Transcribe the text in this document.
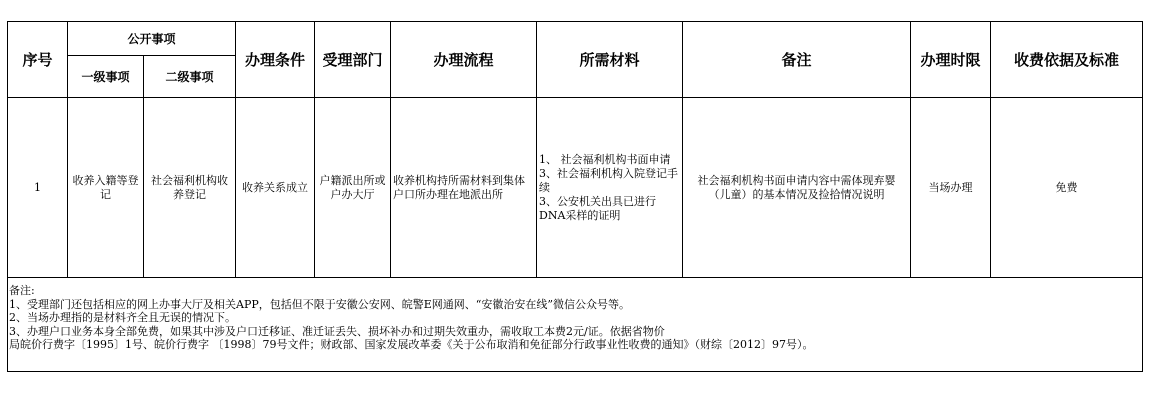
序号	公开事项		办理条件	受理部门	办理流程	所需材料	备注	办理时限	收费依据及标准
	一级事项	二级事项							
1	收养入籍等登记	社会福利机构收养登记	收养关系成立	户籍派出所或户办大厅	收养机构持所需材料到集体户口所办理在地派出所	1、 社会福利机构书面申请
3、社会福利机构入院登记手续
3、公安机关出具已进行DNA采样的证明	社会福利机构书面申请内容中需体现弃婴（儿童）的基本情况及捡拾情况说明	当场办理	免费

备注:
1、受理部门还包括相应的网上办事大厅及相关APP，包括但不限于安徽公安网、皖警E网通网、“安徽治安在线”微信公众号等。
2、当场办理指的是材料齐全且无误的情况下。
3、办理户口业务本身全部免费，如果其中涉及户口迁移证、准迁证丢失、损坏补办和过期失效重办，需收取工本费2元/证。依据省物价
局皖价行费字〔1995〕1号、皖价行费字 〔1998〕79号文件；财政部、国家发展改革委《关于公布取消和免征部分行政事业性收费的通知》（财综〔2012〕97号）。									
